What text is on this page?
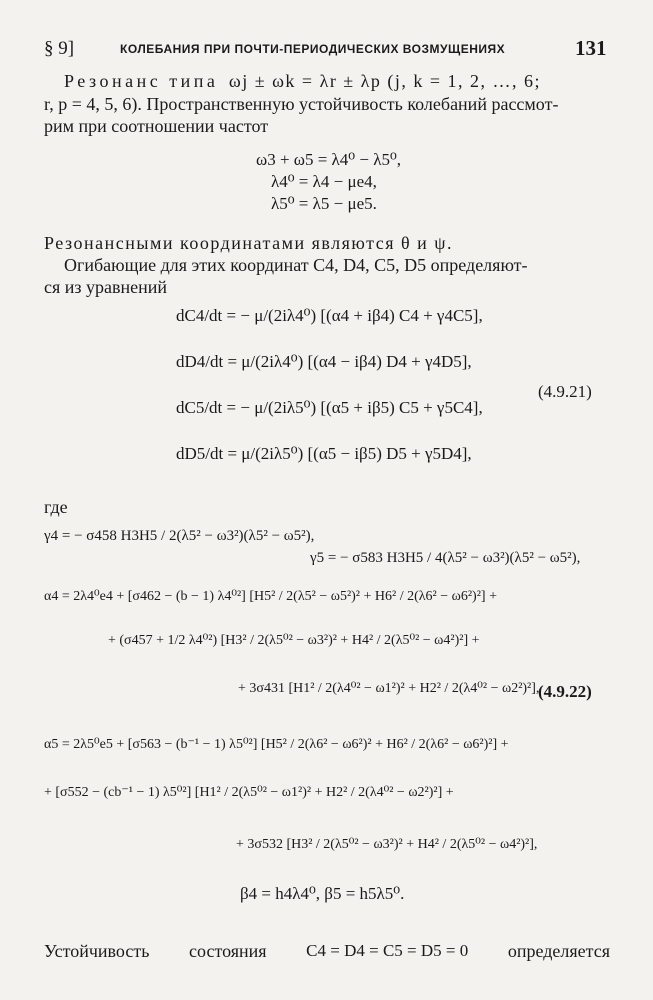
§ 9]	КОЛЕБАНИЯ ПРИ ПОЧТИ-ПЕРИОДИЧЕСКИХ ВОЗМУЩЕНИЯХ	131
Резонанс типа ωj ± ωk = λr ± λp (j, k = 1, 2, …, 6;
r, p = 4, 5, 6). Пространственную устойчивость колебаний рассмот-
рим при соотношении частот
ω3 + ω5 = λ4⁰ − λ5⁰,
λ4⁰ = λ4 − μe4,
λ5⁰ = λ5 − μe5.
Резонансными координатами являются θ и ψ.
Огибающие для этих координат C4, D4, C5, D5 определяют-
ся из уравнений
dC4/dt = − μ/(2iλ4⁰) [(α4 + iβ4) C4 + γ4C5],
dD4/dt = μ/(2iλ4⁰) [(α4 − iβ4) D4 + γ4D5],
dC5/dt = − μ/(2iλ5⁰) [(α5 + iβ5) C5 + γ5C4],
dD5/dt = μ/(2iλ5⁰) [(α5 − iβ5) D5 + γ5D4],
(4.9.21)
где
γ4 = − σ458 H3H5 / 2(λ5² − ω3²)(λ5² − ω5²),
γ5 = − σ583 H3H5 / 4(λ5² − ω3²)(λ5² − ω5²),
α4 = 2λ4⁰e4 + [σ462 − (b − 1) λ4⁰²] [H5² / 2(λ5² − ω5²)² + H6² / 2(λ6² − ω6²)²] +
+ (σ457 + 1/2 λ4⁰²) [H3² / 2(λ5⁰² − ω3²)² + H4² / 2(λ5⁰² − ω4²)²] +
+ 3σ431 [H1² / 2(λ4⁰² − ω1²)² + H2² / 2(λ4⁰² − ω2²)²],
(4.9.22)
α5 = 2λ5⁰e5 + [σ563 − (b⁻¹ − 1) λ5⁰²] [H5² / 2(λ6² − ω6²)² + H6² / 2(λ6² − ω6²)²] +
+ [σ552 − (cb⁻¹ − 1) λ5⁰²] [H1² / 2(λ5⁰² − ω1²)² + H2² / 2(λ4⁰² − ω2²)²] +
+ 3σ532 [H3² / 2(λ5⁰² − ω3²)² + H4² / 2(λ5⁰² − ω4²)²],
β4 = h4λ4⁰, β5 = h5λ5⁰.
Устойчивость состояния C4 = D4 = C5 = D5 = 0 определяется
